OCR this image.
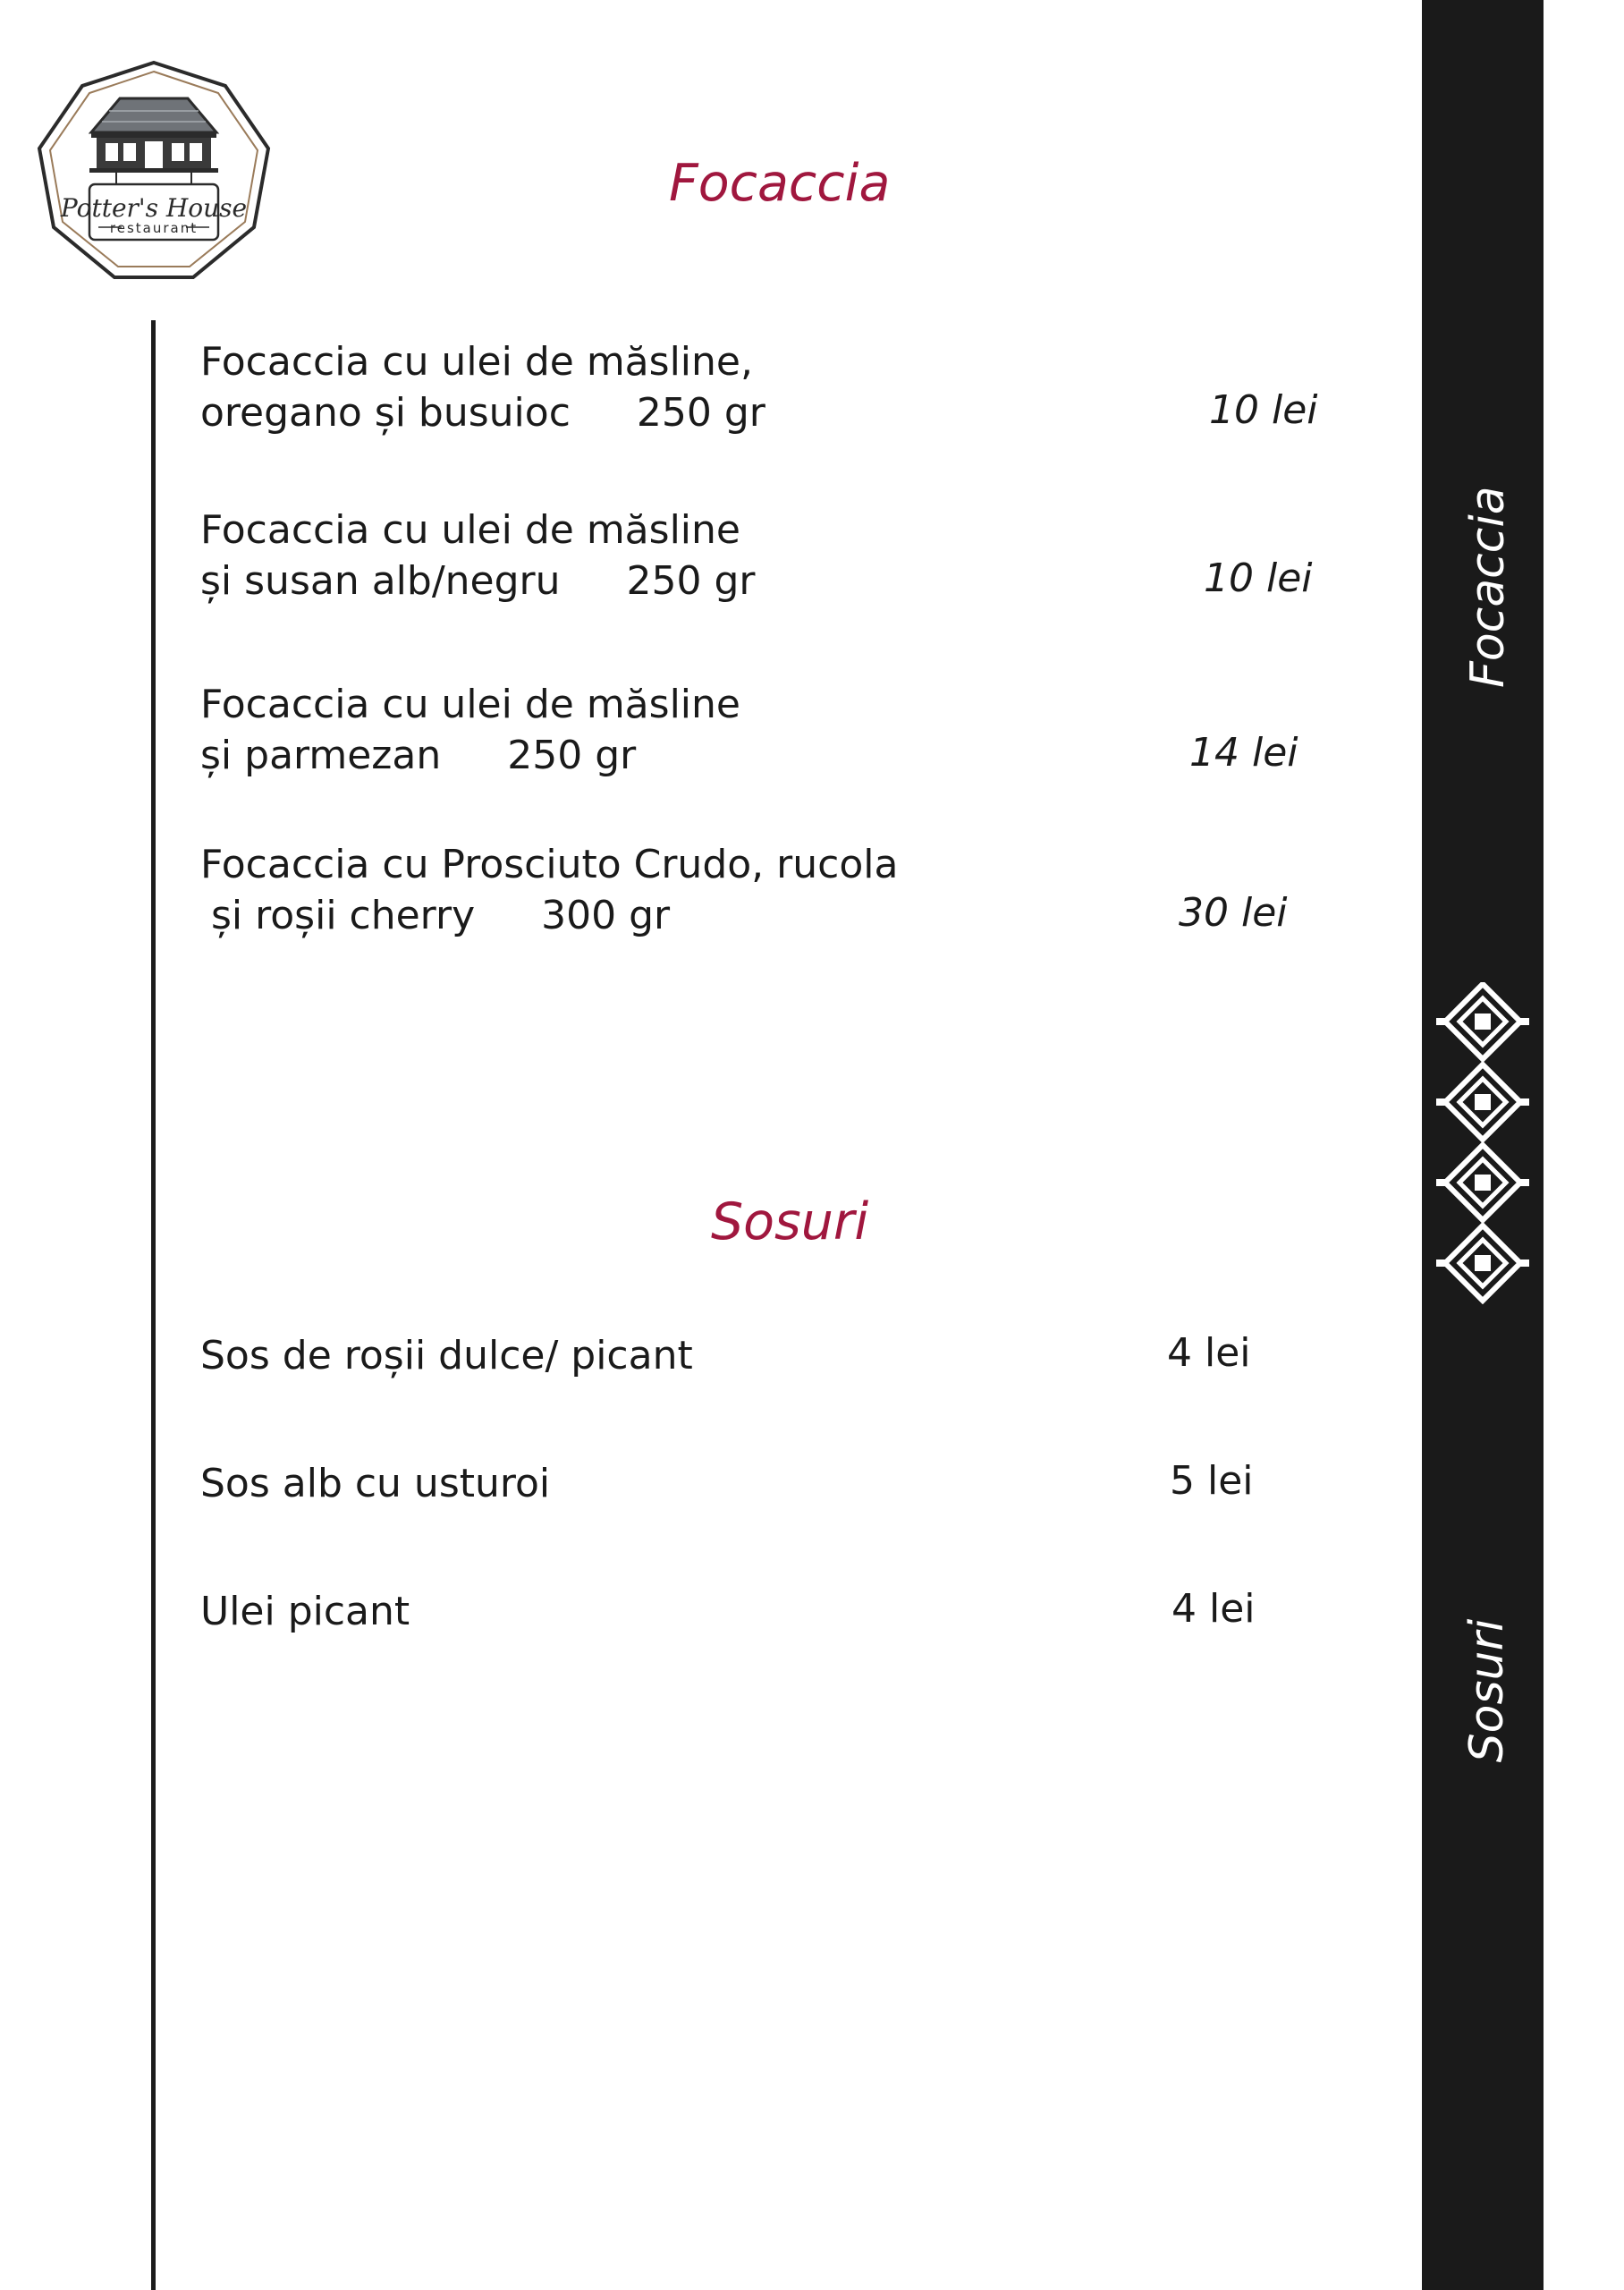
Potter's House
restaurant
Focaccia
Focaccia cu ulei de măsline,
oregano și busuioc 250 gr	10 lei
Focaccia cu ulei de măsline
și susan alb/negru 250 gr	10 lei
Focaccia cu ulei de măsline
și parmezan 250 gr	14 lei
Focaccia cu Prosciuto Crudo, rucola
și roșii cherry 300 gr	30 lei
Sosuri
Sos de roșii dulce/ picant	4 lei
Sos alb cu usturoi	5 lei
Ulei picant	4 lei
Focaccia
Sosuri
